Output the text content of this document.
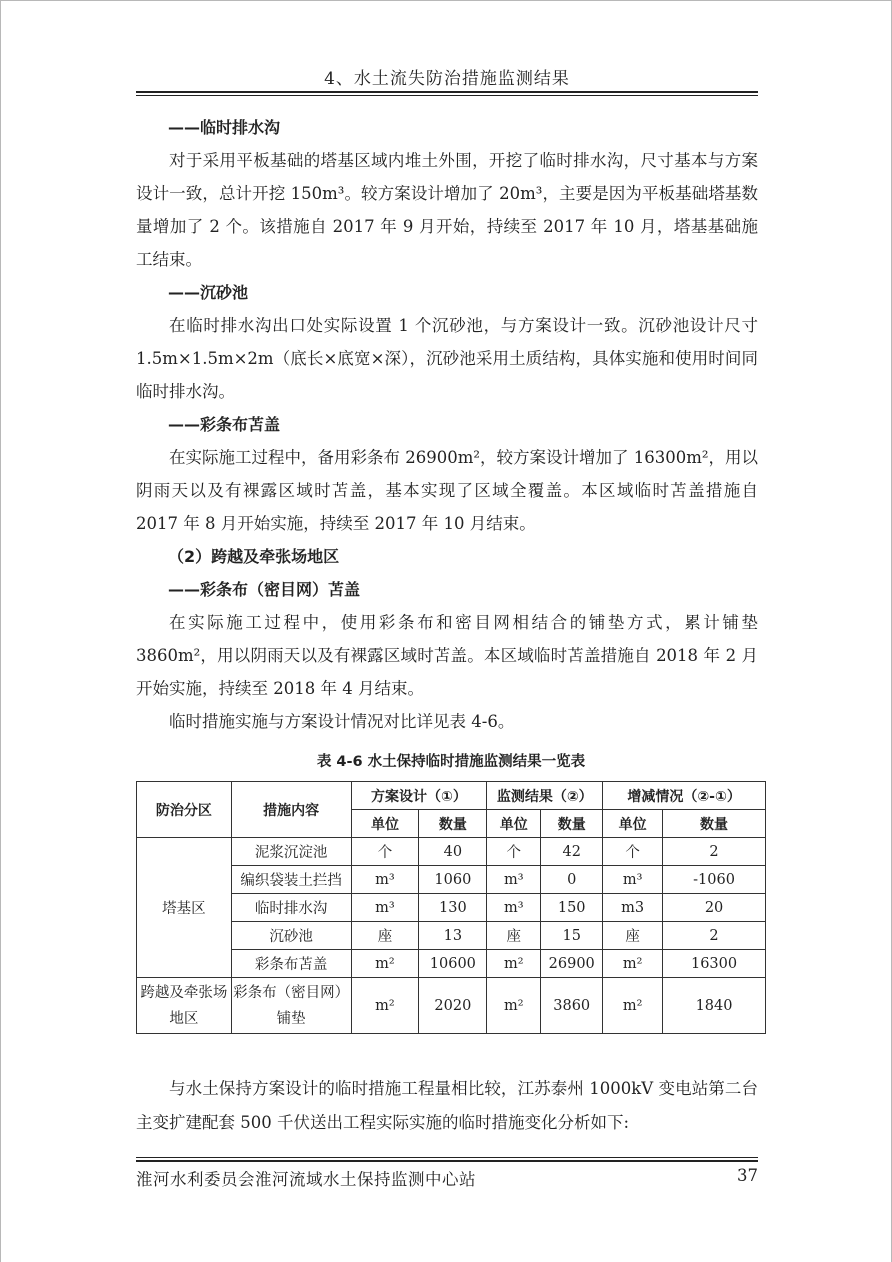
4、水土流失防治措施监测结果

——临时排水沟

对于采用平板基础的塔基区域内堆土外围，开挖了临时排水沟，尺寸基本与方案设计一致，总计开挖 150m³。较方案设计增加了 20m³，主要是因为平板基础塔基数量增加了 2 个。该措施自 2017 年 9 月开始，持续至 2017 年 10 月，塔基基础施工结束。

——沉砂池

在临时排水沟出口处实际设置 1 个沉砂池，与方案设计一致。沉砂池设计尺寸 1.5m×1.5m×2m（底长×底宽×深），沉砂池采用土质结构，具体实施和使用时间同临时排水沟。

——彩条布苫盖

在实际施工过程中，备用彩条布 26900m²，较方案设计增加了 16300m²，用以阴雨天以及有裸露区域时苫盖，基本实现了区域全覆盖。本区域临时苫盖措施自 2017 年 8 月开始实施，持续至 2017 年 10 月结束。

（2）跨越及牵张场地区

——彩条布（密目网）苫盖

在实际施工过程中，使用彩条布和密目网相结合的铺垫方式，累计铺垫 3860m²，用以阴雨天以及有裸露区域时苫盖。本区域临时苫盖措施自 2018 年 2 月开始实施，持续至 2018 年 4 月结束。

临时措施实施与方案设计情况对比详见表 4-6。

表 4-6 水土保持临时措施监测结果一览表
防治分区	措施内容	方案设计（①）		监测结果（②）		增减情况（②-①）	
		单位	数量	单位	数量	单位	数量
塔基区	泥浆沉淀池	个	40	个	42	个	2
	编织袋装土拦挡	m³	1060	m³	0	m³	-1060
	临时排水沟	m³	130	m³	150	m3	20
	沉砂池	座	13	座	15	座	2
	彩条布苫盖	m²	10600	m²	26900	m²	16300
跨越及牵张场地区	彩条布（密目网）铺垫	m²	2020	m²	3860	m²	1840

与水土保持方案设计的临时措施工程量相比较，江苏泰州 1000kV 变电站第二台主变扩建配套 500 千伏送出工程实际实施的临时措施变化分析如下:

淮河水利委员会淮河流域水土保持监测中心站	37
